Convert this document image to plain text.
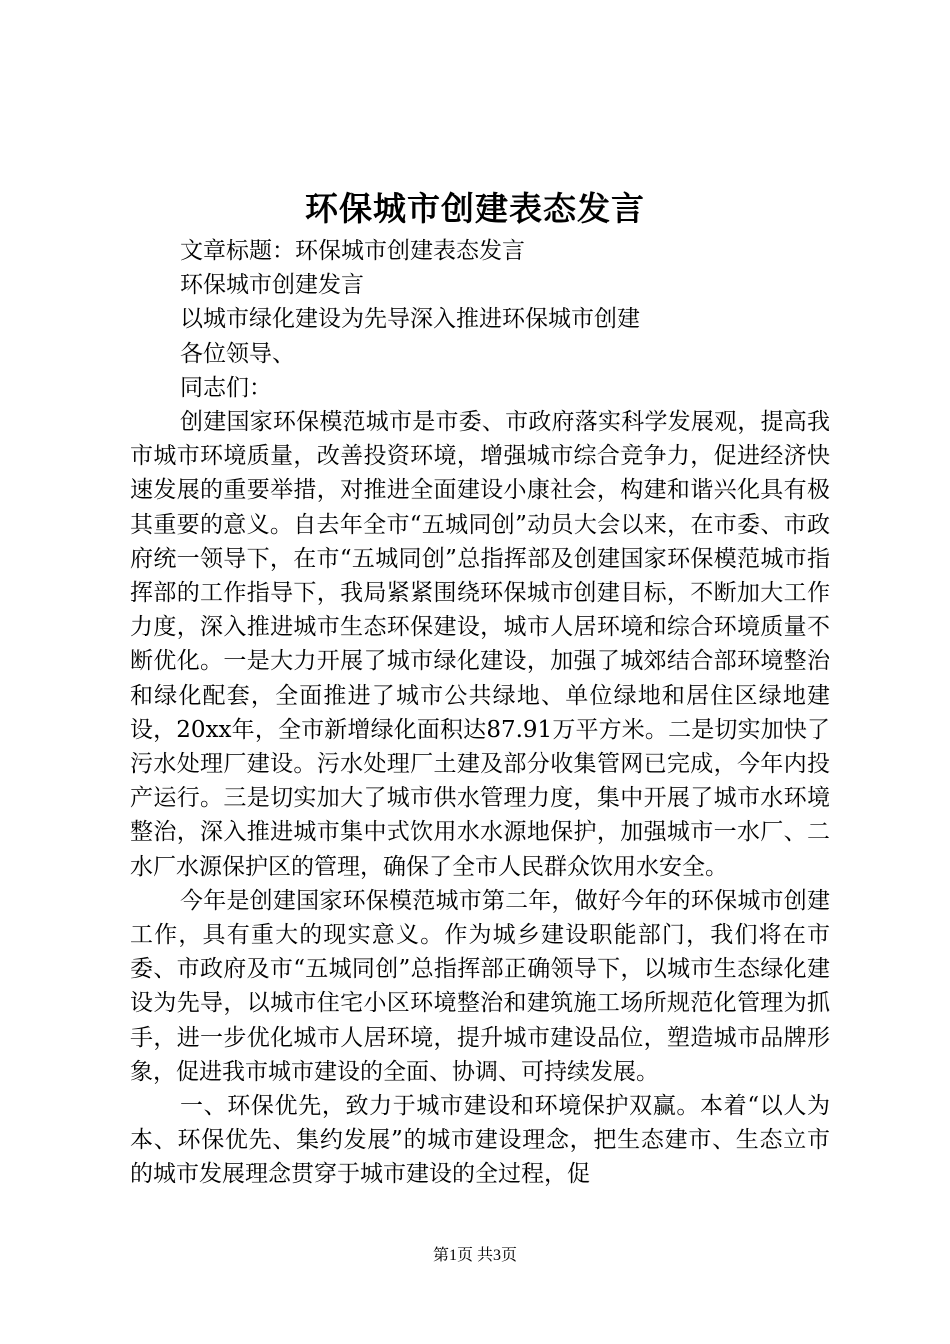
环保城市创建表态发言

文章标题：环保城市创建表态发言

环保城市创建发言

以城市绿化建设为先导深入推进环保城市创建

各位领导、

同志们：

创建国家环保模范城市是市委、市政府落实科学发展观，提高我市城市环境质量，改善投资环境，增强城市综合竞争力，促进经济快速发展的重要举措，对推进全面建设小康社会，构建和谐兴化具有极其重要的意义。自去年全市“五城同创”动员大会以来，在市委、市政府统一领导下，在市“五城同创”总指挥部及创建国家环保模范城市指挥部的工作指导下，我局紧紧围绕环保城市创建目标，不断加大工作力度，深入推进城市生态环保建设，城市人居环境和综合环境质量不断优化。一是大力开展了城市绿化建设，加强了城郊结合部环境整治和绿化配套，全面推进了城市公共绿地、单位绿地和居住区绿地建设，20xx年，全市新增绿化面积达87.91万平方米。二是切实加快了污水处理厂建设。污水处理厂土建及部分收集管网已完成，今年内投产运行。三是切实加大了城市供水管理力度，集中开展了城市水环境整治，深入推进城市集中式饮用水水源地保护，加强城市一水厂、二水厂水源保护区的管理，确保了全市人民群众饮用水安全。

今年是创建国家环保模范城市第二年，做好今年的环保城市创建工作，具有重大的现实意义。作为城乡建设职能部门，我们将在市委、市政府及市“五城同创”总指挥部正确领导下，以城市生态绿化建设为先导，以城市住宅小区环境整治和建筑施工场所规范化管理为抓手，进一步优化城市人居环境，提升城市建设品位，塑造城市品牌形象，促进我市城市建设的全面、协调、可持续发展。

一、环保优先，致力于城市建设和环境保护双赢。本着“以人为本、环保优先、集约发展”的城市建设理念，把生态建市、生态立市的城市发展理念贯穿于城市建设的全过程，促

第1页 共3页
